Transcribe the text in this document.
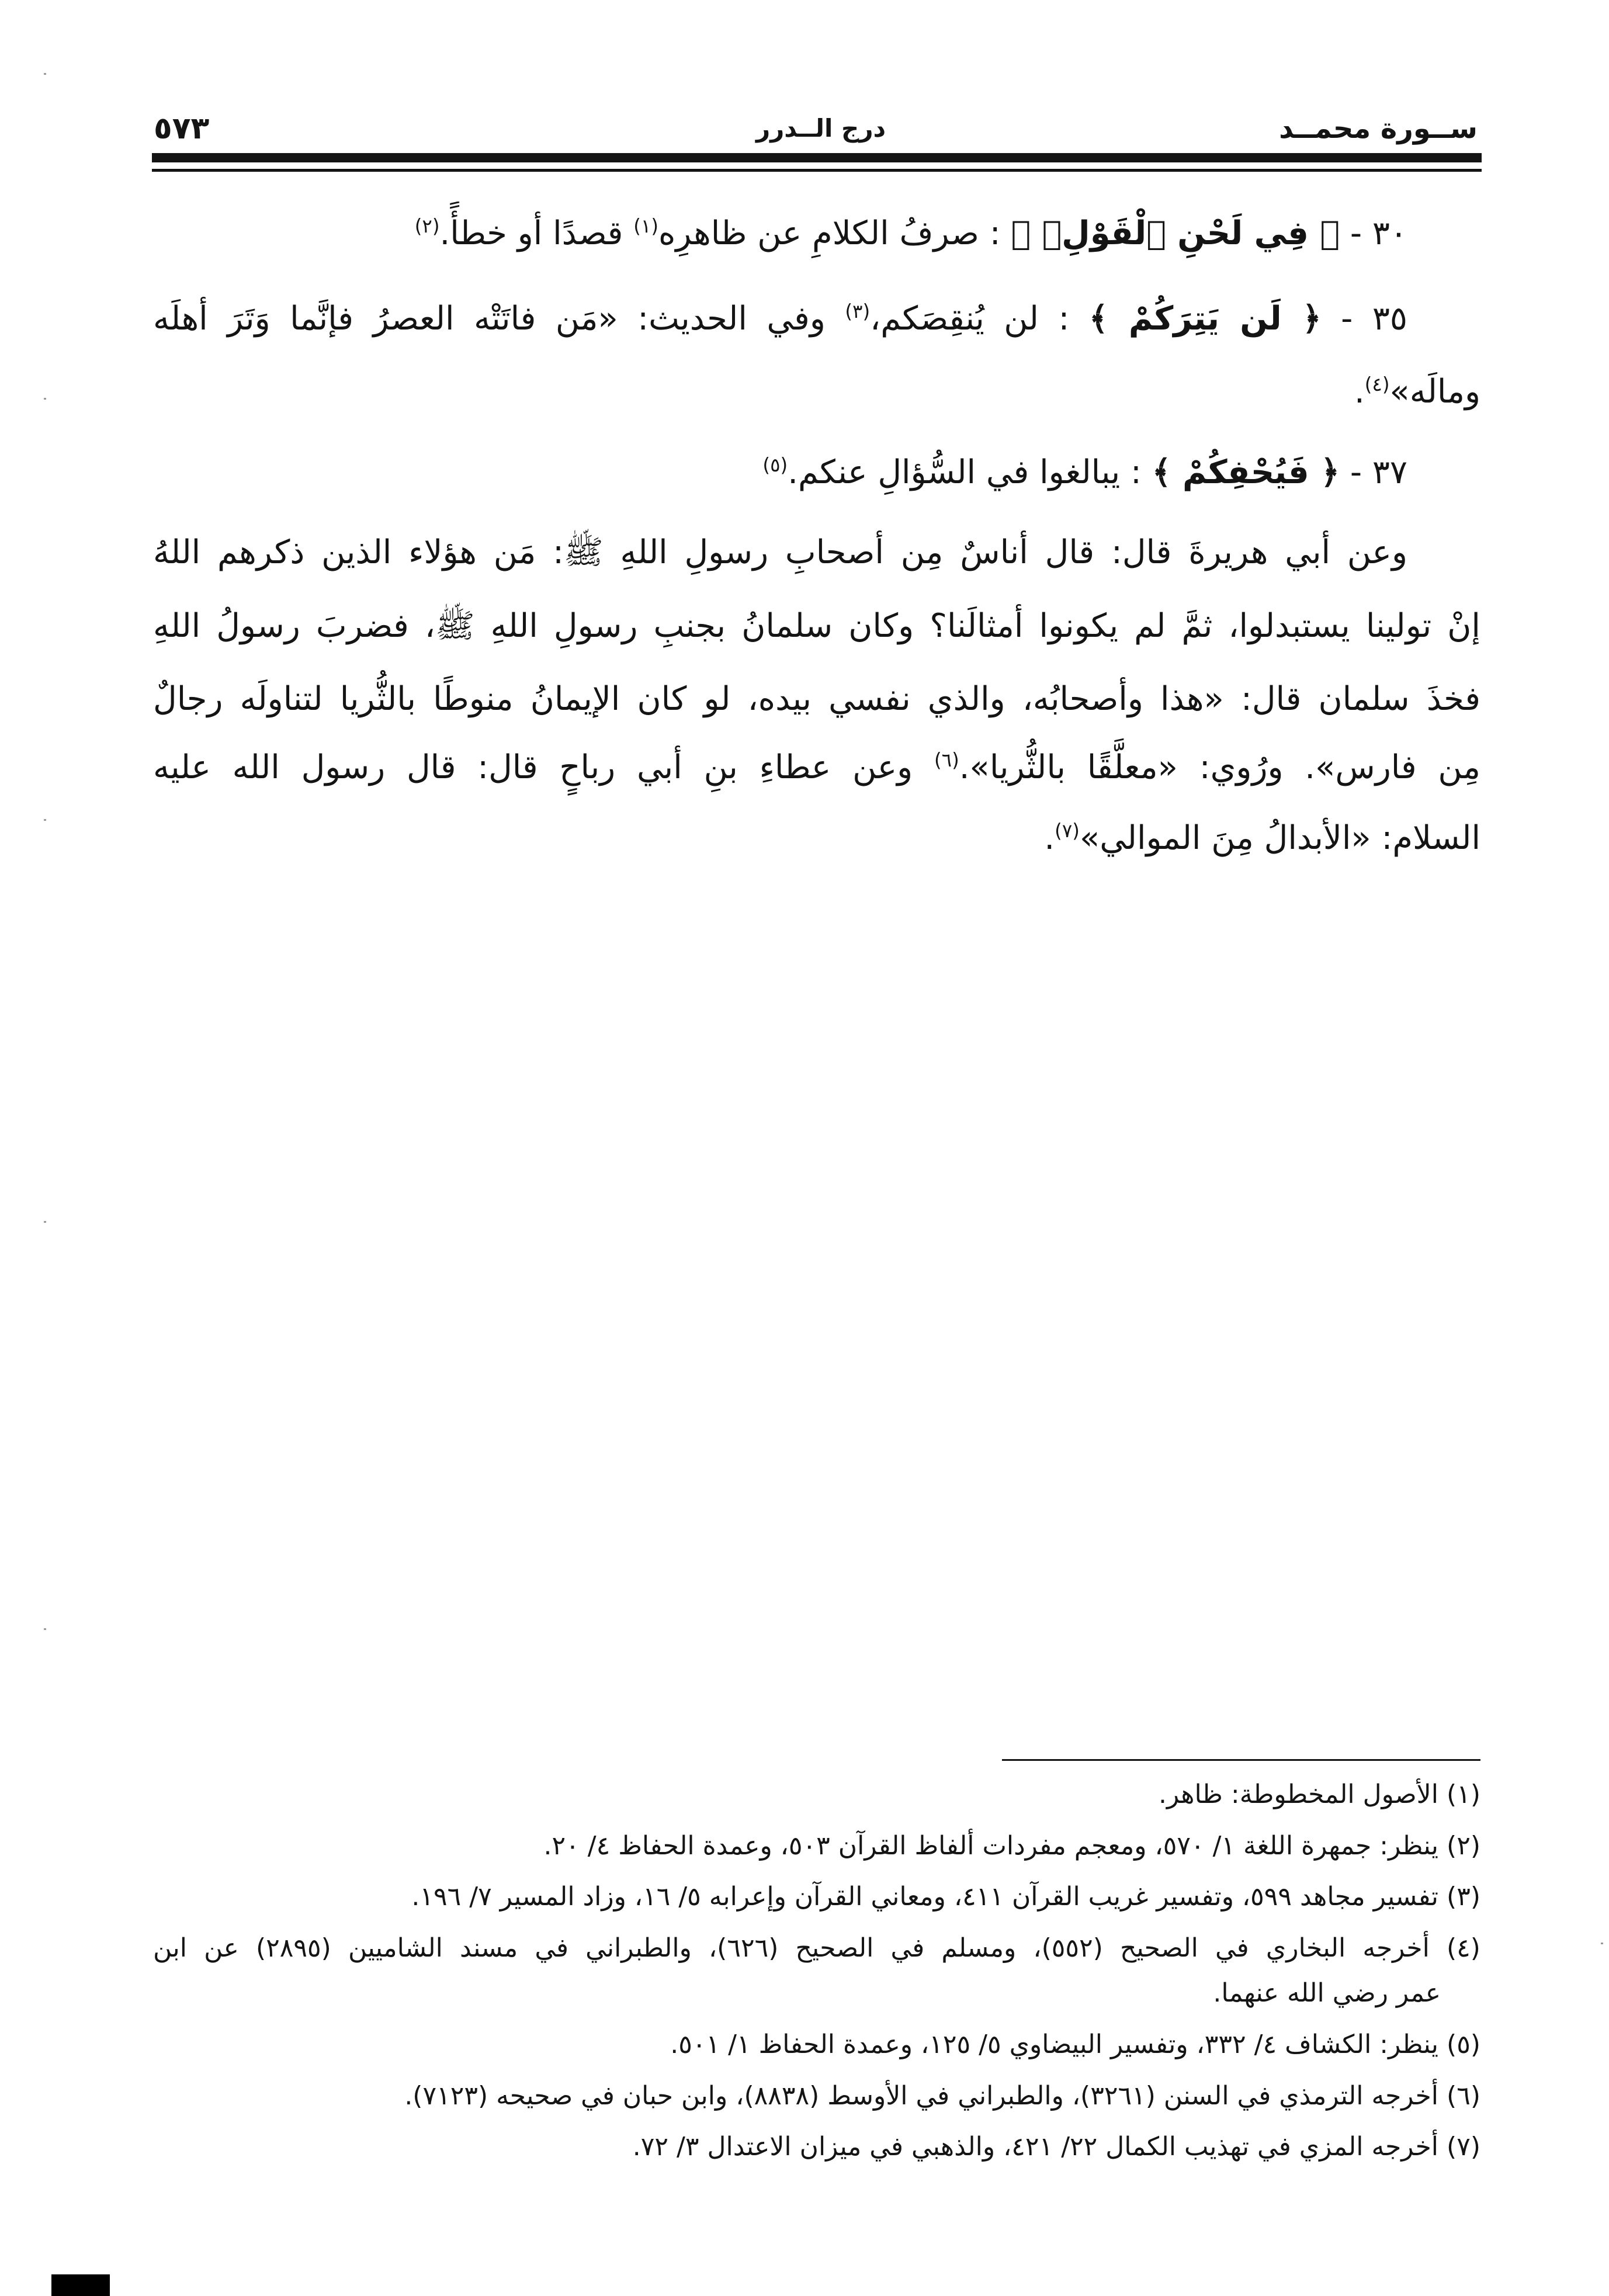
ســورة محمــد
درج الــدرر
٥٧٣
٣٠ - ﴿ فِي لَحْنِ ٱلْقَوْلِۚ ﴾ : صرفُ الكلامِ عن ظاهرِه$^{(١)}$ قصدًا أو خطأً.$^{(٢)}$
٣٥ - ﴿ لَن يَتِرَكُمْ ﴾ : لن يُنقِصَكم،$^{(٣)}$ وفي الحديث: «مَن فاتَتْه العصرُ فإنَّما وَتَرَ أهلَه
ومالَه»$^{(٤)}$.
٣٧ - ﴿ فَيُحْفِكُمْ ﴾ : يبالغوا في السُّؤالِ عنكم.$^{(٥)}$
وعن أبي هريرةَ قال: قال أناسٌ مِن أصحابِ رسولِ اللهِ ﷺ: مَن هؤلاء الذين ذكرهم اللهُ
إنْ تولينا يستبدلوا، ثمَّ لم يكونوا أمثالَنا؟ وكان سلمانُ بجنبِ رسولِ اللهِ ﷺ، فضربَ رسولُ اللهِ
فخذَ سلمان قال: «هذا وأصحابُه، والذي نفسي بيده، لو كان الإيمانُ منوطًا بالثُّريا لتناولَه رجالٌ
مِن فارس». ورُوي: «معلَّقًا بالثُّريا».$^{(٦)}$ وعن عطاءِ بنِ أبي رباحٍ قال: قال رسول الله عليه
السلام: «الأبدالُ مِنَ الموالي»$^{(٧)}$.
(١) الأصول المخطوطة: ظاهر.
(٢) ينظر: جمهرة اللغة ١/ ٥٧٠، ومعجم مفردات ألفاظ القرآن ٥٠٣، وعمدة الحفاظ ٤/ ٢٠.
(٣) تفسير مجاهد ٥٩٩، وتفسير غريب القرآن ٤١١، ومعاني القرآن وإعرابه ٥/ ١٦، وزاد المسير ٧/ ١٩٦.
(٤) أخرجه البخاري في الصحيح (٥٥٢)، ومسلم في الصحيح (٦٢٦)، والطبراني في مسند الشاميين (٢٨٩٥) عن ابن
عمر رضي الله عنهما.
(٥) ينظر: الكشاف ٤/ ٣٣٢، وتفسير البيضاوي ٥/ ١٢٥، وعمدة الحفاظ ١/ ٥٠١.
(٦) أخرجه الترمذي في السنن (٣٢٦١)، والطبراني في الأوسط (٨٨٣٨)، وابن حبان في صحيحه (٧١٢٣).
(٧) أخرجه المزي في تهذيب الكمال ٢٢/ ٤٢١، والذهبي في ميزان الاعتدال ٣/ ٧٢.
